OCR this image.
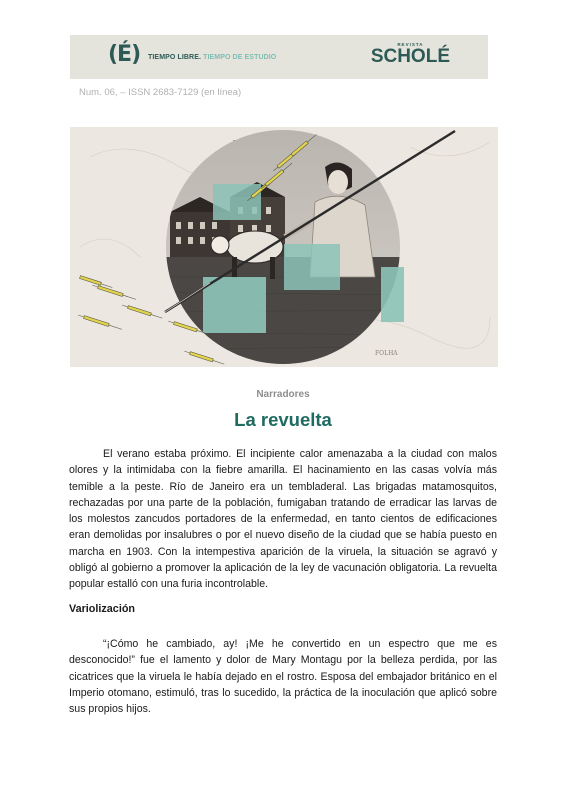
(É) TIEMPO LIBRE. TIEMPO DE ESTUDIO
REVISTA
SCHOLÉ
Num. 06, – ISSN 2683-7129 (en línea)
FOLHA
Narradores
La revuelta

El verano estaba próximo. El incipiente calor amenazaba a la ciudad con malos olores y la intimidaba con la fiebre amarilla. El hacinamiento en las casas volvía más temible a la peste. Río de Janeiro era un tembladeral. Las brigadas matamosquitos, rechazadas por una parte de la población, fumigaban tratando de erradicar las larvas de los molestos zancudos portadores de la enfermedad, en tanto cientos de edificaciones eran demolidas por insalubres o por el nuevo diseño de la ciudad que se había puesto en marcha en 1903. Con la intempestiva aparición de la viruela, la situación se agravó y obligó al gobierno a promover la aplicación de la ley de vacunación obligatoria. La revuelta popular estalló con una furia incontrolable.

Variolización

“¡Cómo he cambiado, ay! ¡Me he convertido en un espectro que me es desconocido!” fue el lamento y dolor de Mary Montagu por la belleza perdida, por las cicatrices que la viruela le había dejado en el rostro. Esposa del embajador británico en el Imperio otomano, estimuló, tras lo sucedido, la práctica de la inoculación que aplicó sobre sus propios hijos.
